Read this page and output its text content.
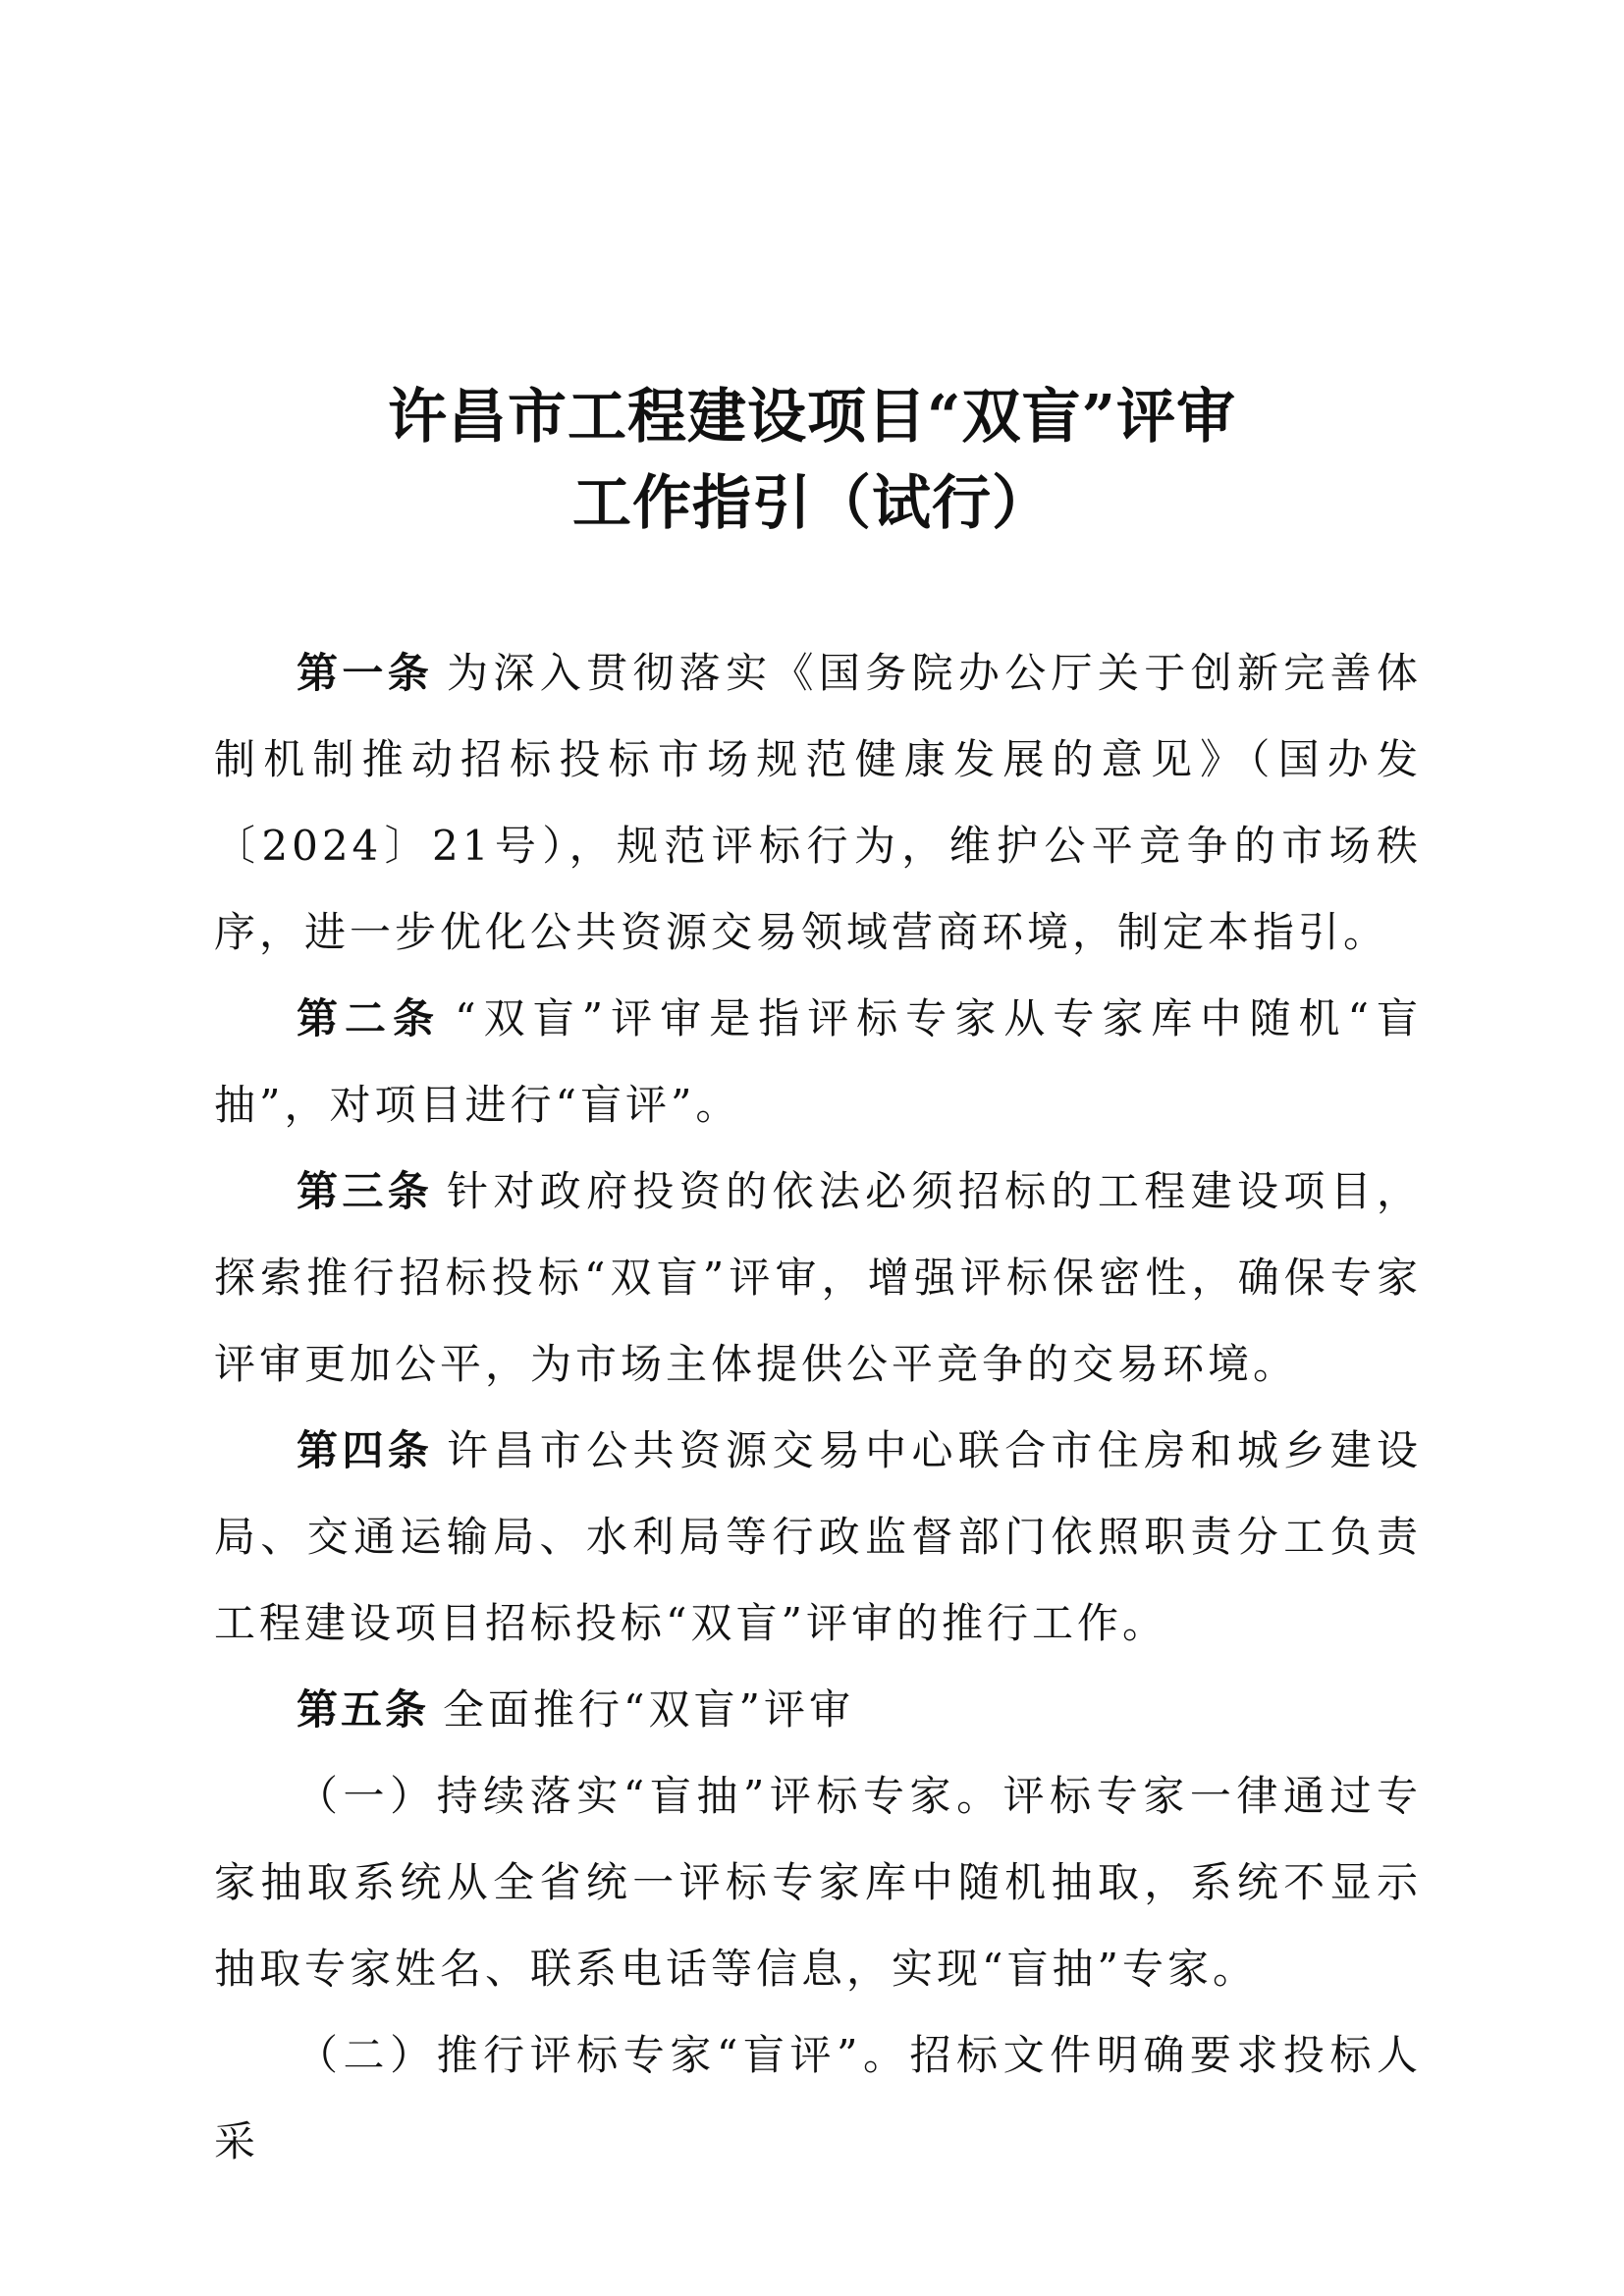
许昌市工程建设项目“双盲”评审
工作指引（试行）

第一条 为深入贯彻落实《国务院办公厅关于创新完善体制机制推动招标投标市场规范健康发展的意见》（国办发〔2024〕21号），规范评标行为，维护公平竞争的市场秩序，进一步优化公共资源交易领域营商环境，制定本指引。

第二条 “双盲”评审是指评标专家从专家库中随机“盲抽”，对项目进行“盲评”。

第三条 针对政府投资的依法必须招标的工程建设项目，探索推行招标投标“双盲”评审，增强评标保密性，确保专家评审更加公平，为市场主体提供公平竞争的交易环境。

第四条 许昌市公共资源交易中心联合市住房和城乡建设局、交通运输局、水利局等行政监督部门依照职责分工负责工程建设项目招标投标“双盲”评审的推行工作。

第五条 全面推行“双盲”评审

（一）持续落实“盲抽”评标专家。评标专家一律通过专家抽取系统从全省统一评标专家库中随机抽取，系统不显示抽取专家姓名、联系电话等信息，实现“盲抽”专家。

（二）推行评标专家“盲评”。招标文件明确要求投标人采
